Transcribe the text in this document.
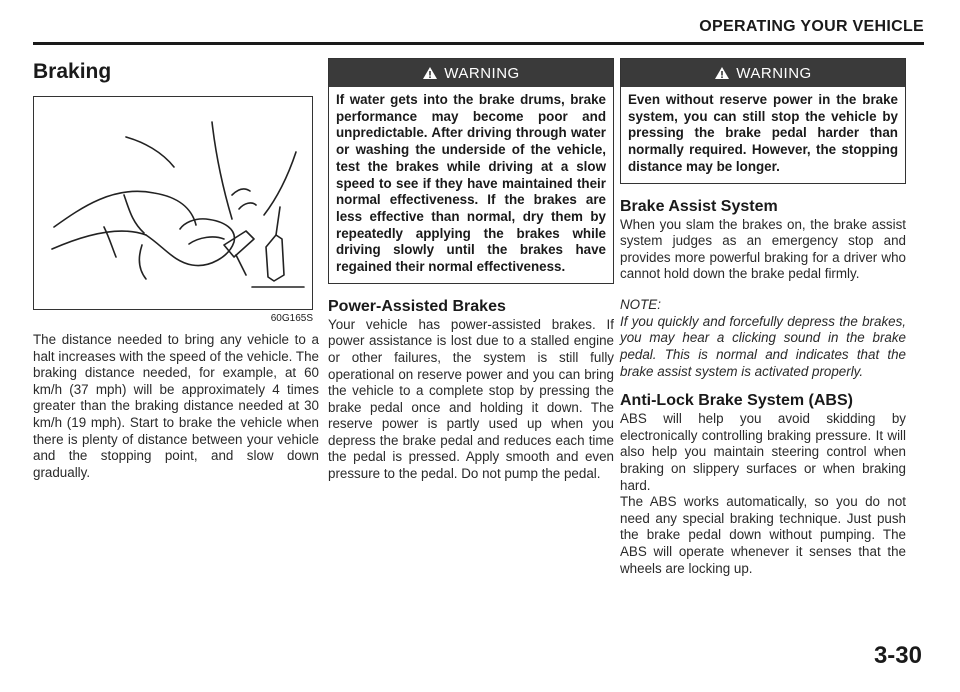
OPERATING YOUR VEHICLE
Braking
60G165S

The distance needed to bring any vehicle to a halt increases with the speed of the vehicle. The braking distance needed, for example, at 60 km/h (37 mph) will be approximately 4 times greater than the braking distance needed at 30 km/h (19 mph). Start to brake the vehicle when there is plenty of distance between your vehicle and the stopping point, and slow down gradually.

WARNING
If water gets into the brake drums, brake performance may become poor and unpredictable. After driving through water or washing the underside of the vehicle, test the brakes while driving at a slow speed to see if they have maintained their normal effectiveness. If the brakes are less effective than normal, dry them by repeatedly applying the brakes while driving slowly until the brakes have regained their normal effectiveness.
Power-Assisted Brakes

Your vehicle has power-assisted brakes. If power assistance is lost due to a stalled engine or other failures, the system is still fully operational on reserve power and you can bring the vehicle to a complete stop by pressing the brake pedal once and holding it down. The reserve power is partly used up when you depress the brake pedal and reduces each time the pedal is pressed. Apply smooth and even pressure to the pedal. Do not pump the pedal.

WARNING
Even without reserve power in the brake system, you can still stop the vehicle by pressing the brake pedal harder than normally required. However, the stopping distance may be longer.
Brake Assist System

When you slam the brakes on, the brake assist system judges as an emergency stop and provides more powerful braking for a driver who cannot hold down the brake pedal firmly.

NOTE:

If you quickly and forcefully depress the brakes, you may hear a clicking sound in the brake pedal. This is normal and indicates that the brake assist system is activated properly.

Anti-Lock Brake System (ABS)

ABS will help you avoid skidding by electronically controlling braking pressure. It will also help you maintain steering control when braking on slippery surfaces or when braking hard.

The ABS works automatically, so you do not need any special braking technique. Just push the brake pedal down without pumping. The ABS will operate whenever it senses that the wheels are locking up.

3-30
